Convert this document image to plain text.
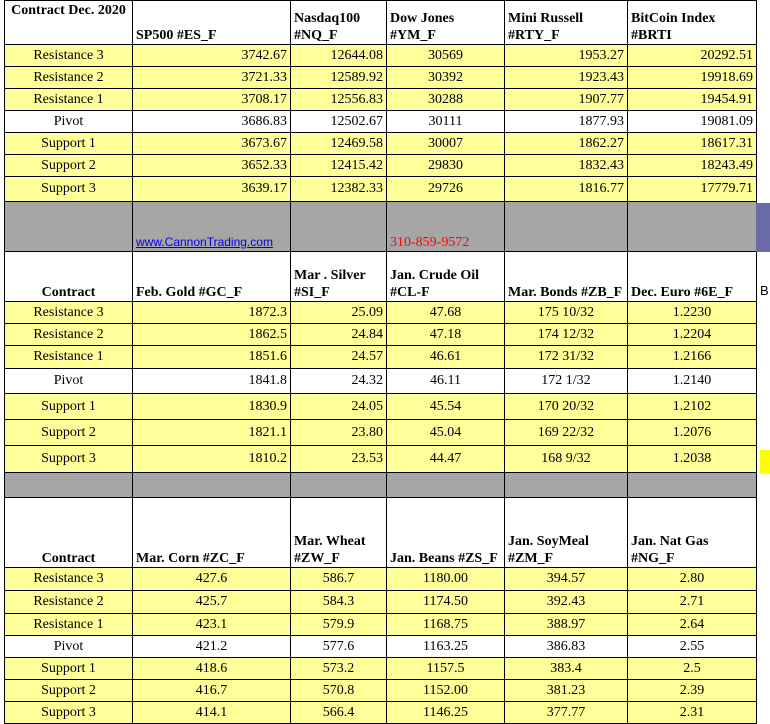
Contract Dec. 2020	SP500 #ES_F	Nasdaq100 #NQ_F	Dow Jones #YM_F	Mini Russell #RTY_F	BitCoin Index #BRTI
Resistance 3	3742.67	12644.08	30569	1953.27	20292.51
Resistance 2	3721.33	12589.92	30392	1923.43	19918.69
Resistance 1	3708.17	12556.83	30288	1907.77	19454.91
Pivot	3686.83	12502.67	30111	1877.93	19081.09
Support 1	3673.67	12469.58	30007	1862.27	18617.31
Support 2	3652.33	12415.42	29830	1832.43	18243.49
Support 3	3639.17	12382.33	29726	1816.77	17779.71
	www.CannonTrading.com		310-859-9572		
Contract	Feb. Gold #GC_F	Mar . Silver #SI_F	Jan. Crude Oil #CL-F	Mar. Bonds #ZB_F	Dec. Euro #6E_F
Resistance 3	1872.3	25.09	47.68	175 10/32	1.2230
Resistance 2	1862.5	24.84	47.18	174 12/32	1.2204
Resistance 1	1851.6	24.57	46.61	172 31/32	1.2166
Pivot	1841.8	24.32	46.11	172 1/32	1.2140
Support 1	1830.9	24.05	45.54	170 20/32	1.2102
Support 2	1821.1	23.80	45.04	169 22/32	1.2076
Support 3	1810.2	23.53	44.47	168 9/32	1.2038

Contract	Mar. Corn #ZC_F	Mar. Wheat #ZW_F	Jan. Beans #ZS_F	Jan. SoyMeal #ZM_F	Jan. Nat Gas #NG_F
Resistance 3	427.6	586.7	1180.00	394.57	2.80
Resistance 2	425.7	584.3	1174.50	392.43	2.71
Resistance 1	423.1	579.9	1168.75	388.97	2.64
Pivot	421.2	577.6	1163.25	386.83	2.55
Support 1	418.6	573.2	1157.5	383.4	2.5
Support 2	416.7	570.8	1152.00	381.23	2.39
Support 3	414.1	566.4	1146.25	377.77	2.31
B
